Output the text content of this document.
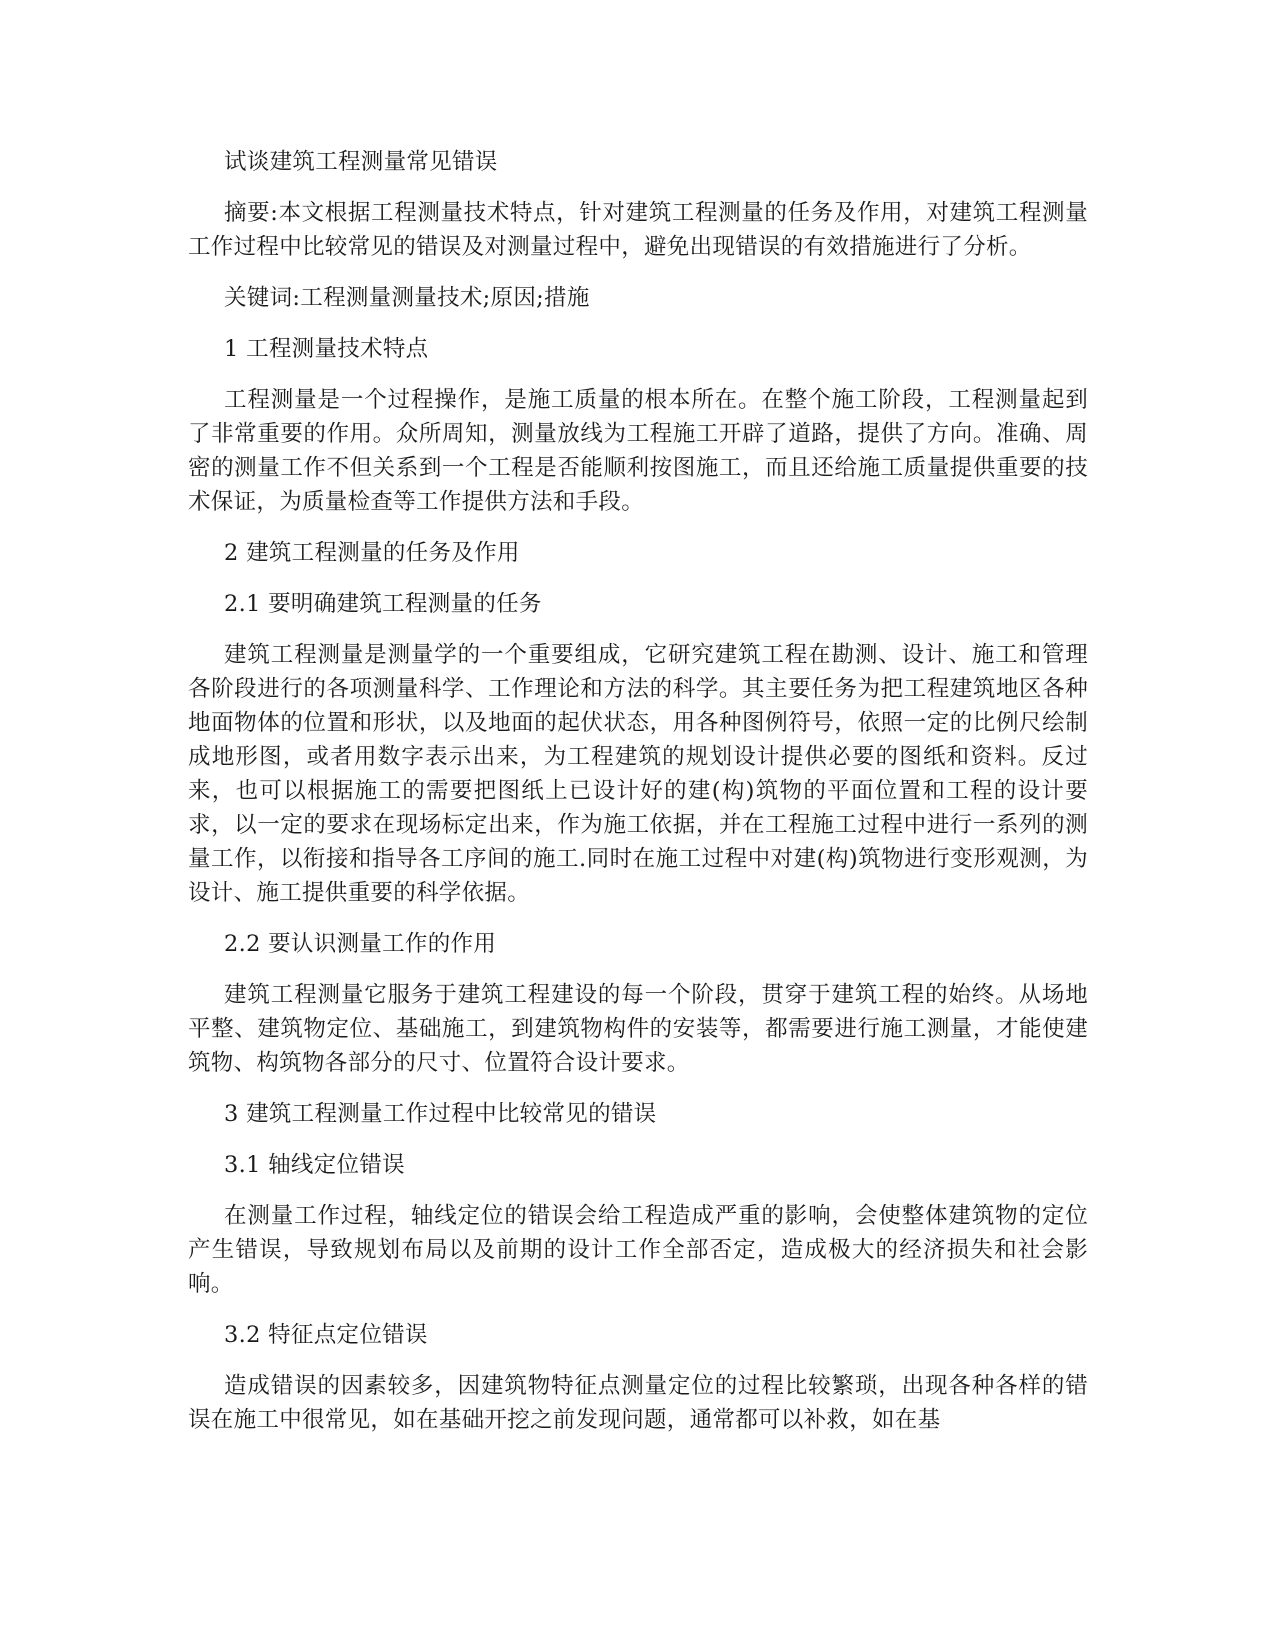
试谈建筑工程测量常见错误

摘要:本文根据工程测量技术特点，针对建筑工程测量的任务及作用，对建筑工程测量工作过程中比较常见的错误及对测量过程中，避免出现错误的有效措施进行了分析。

关键词:工程测量测量技术;原因;措施

1 工程测量技术特点

工程测量是一个过程操作，是施工质量的根本所在。在整个施工阶段，工程测量起到了非常重要的作用。众所周知，测量放线为工程施工开辟了道路，提供了方向。准确、周密的测量工作不但关系到一个工程是否能顺利按图施工，而且还给施工质量提供重要的技术保证，为质量检查等工作提供方法和手段。

2 建筑工程测量的任务及作用

2.1 要明确建筑工程测量的任务

建筑工程测量是测量学的一个重要组成，它研究建筑工程在勘测、设计、施工和管理各阶段进行的各项测量科学、工作理论和方法的科学。其主要任务为把工程建筑地区各种地面物体的位置和形状，以及地面的起伏状态，用各种图例符号，依照一定的比例尺绘制成地形图，或者用数字表示出来，为工程建筑的规划设计提供必要的图纸和资料。反过来，也可以根据施工的需要把图纸上已设计好的建(构)筑物的平面位置和工程的设计要求，以一定的要求在现场标定出来，作为施工依据，并在工程施工过程中进行一系列的测量工作，以衔接和指导各工序间的施工.同时在施工过程中对建(构)筑物进行变形观测，为设计、施工提供重要的科学依据。

2.2 要认识测量工作的作用

建筑工程测量它服务于建筑工程建设的每一个阶段，贯穿于建筑工程的始终。从场地平整、建筑物定位、基础施工，到建筑物构件的安装等，都需要进行施工测量，才能使建筑物、构筑物各部分的尺寸、位置符合设计要求。

3 建筑工程测量工作过程中比较常见的错误

3.1 轴线定位错误

在测量工作过程，轴线定位的错误会给工程造成严重的影响，会使整体建筑物的定位产生错误，导致规划布局以及前期的设计工作全部否定，造成极大的经济损失和社会影响。

3.2 特征点定位错误

造成错误的因素较多，因建筑物特征点测量定位的过程比较繁琐，出现各种各样的错误在施工中很常见，如在基础开挖之前发现问题，通常都可以补救，如在基
